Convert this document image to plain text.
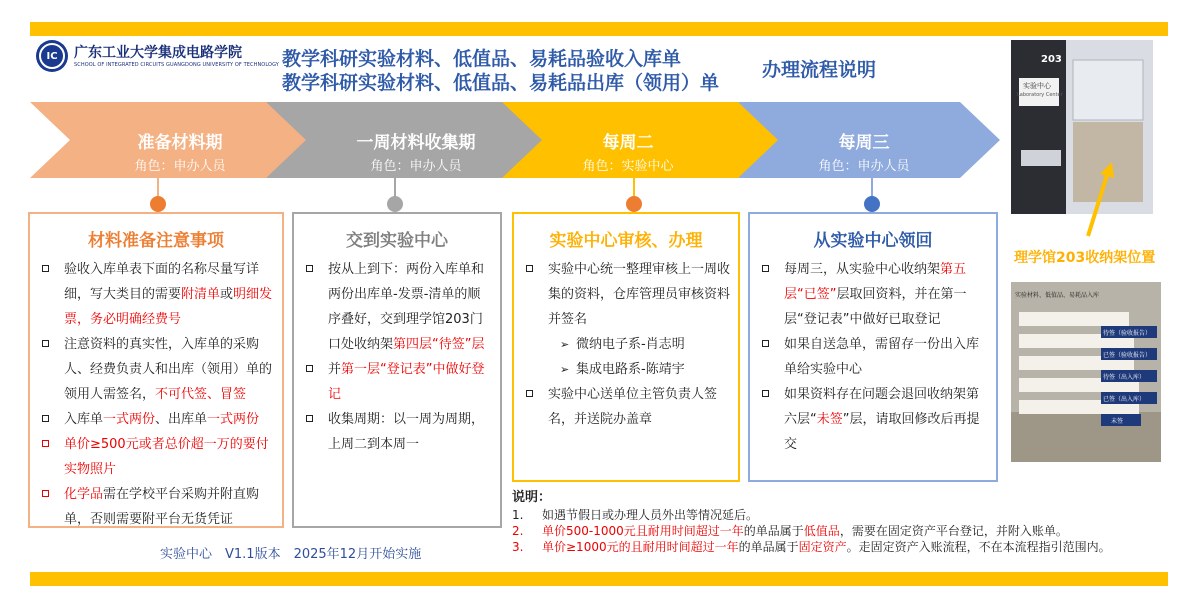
IC	广东工业大学集成电路学院
SCHOOL OF INTEGRATED CIRCUITS GUANGDONG UNIVERSITY OF TECHNOLOGY 教学科研实验材料、低值品、易耗品验收入库单
教学科研实验材料、低值品、易耗品出库（领用）单
办理流程说明
准备材料期
角色：申办人员
一周材料收集期
角色：申办人员
每周二
角色：实验中心
每周三
角色：申办人员
材料准备注意事项
验收入库单表下面的名称尽量写详细，写大类目的需要附清单或明细发票，务必明确经费号
注意资料的真实性，入库单的采购人、经费负责人和出库（领用）单的领用人需签名，不可代签、冒签
入库单一式两份、出库单一式两份
单价≥500元或者总价超一万的要付实物照片
化学品需在学校平台采购并附直购单，否则需要附平台无货凭证
交到实验中心
按从上到下：两份入库单和两份出库单-发票-清单的顺序叠好，交到理学馆203门口处收纳架第四层“待签”层
并第一层“登记表”中做好登记
收集周期：以一周为周期，上周二到本周一
实验中心审核、办理
实验中心统一整理审核上一周收集的资料，仓库管理员审核资料并签名
➢ 微纳电子系-肖志明
➢ 集成电路系-陈靖宇
实验中心送单位主管负责人签名，并送院办盖章
从实验中心领回
每周三，从实验中心收纳架第五层“已签”层取回资料，并在第一层“登记表”中做好已取登记
如果自送急单，需留存一份出入库单给实验中心
如果资料存在问题会退回收纳架第六层“未签”层，请取回修改后再提交
203
实验中心
Laboratory Center
理学馆203收纳架位置
实验材料、低值品、易耗品入库
待签（验收报告）
已签（验收报告）
待签（出入库）
已签（出入库）
未签
实验中心　V1.1版本　2025年12月开始实施
说明：
1. 如遇节假日或办理人员外出等情况延后。
2. 单价500-1000元且耐用时间超过一年的单品属于低值品，需要在固定资产平台登记，并附入账单。
3. 单价≥1000元的且耐用时间超过一年的单品属于固定资产。走固定资产入账流程，不在本流程指引范围内。
